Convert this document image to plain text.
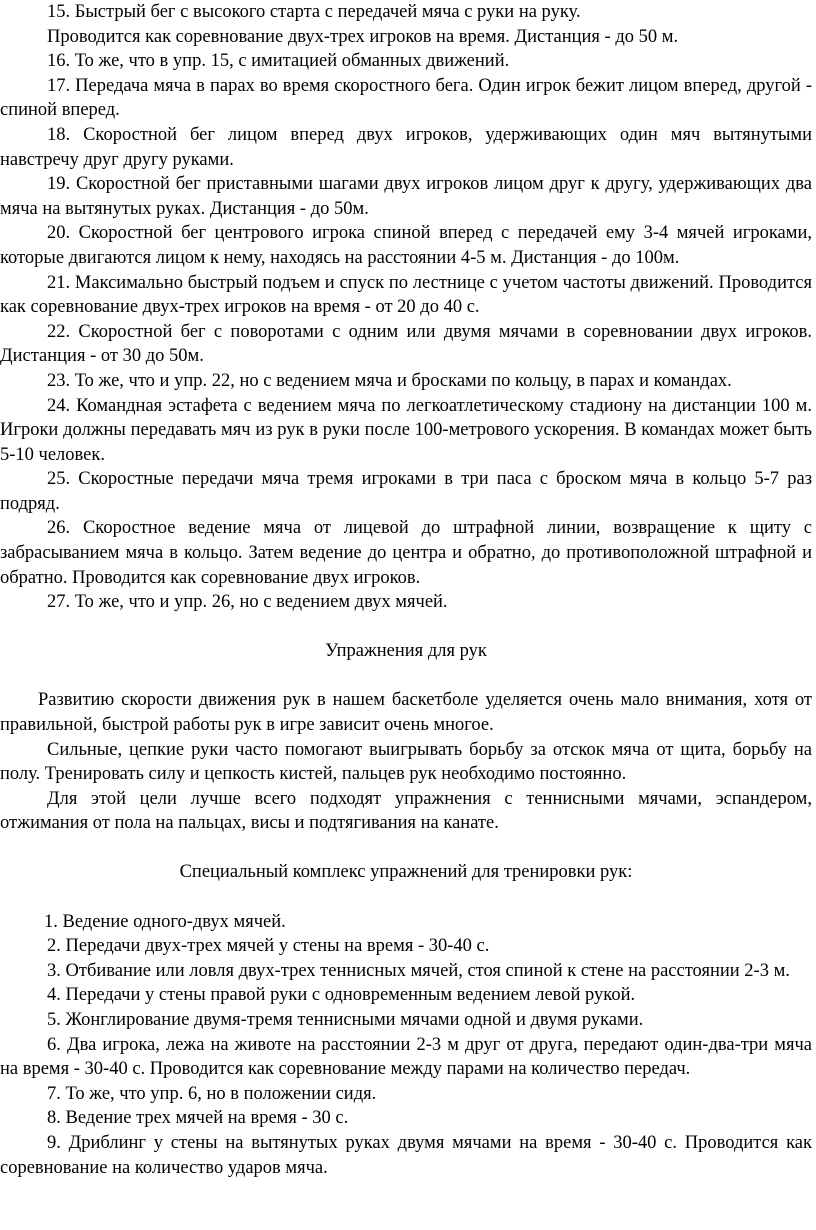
15. Быстрый бег с высокого старта с передачей мяча с руки на руку.

Проводится как соревнование двух-трех игроков на время. Дистанция - до 50 м.

16. То же, что в упр. 15, с имитацией обманных движений.

17. Передача мяча в парах во время скоростного бега. Один игрок бежит лицом вперед, другой - спиной вперед.

18. Скоростной бег лицом вперед двух игроков, удерживающих один мяч вытянутыми навстречу друг другу руками.

19. Скоростной бег приставными шагами двух игроков лицом друг к другу, удерживающих два мяча на вытянутых руках. Дистанция - до 50м.

20. Скоростной бег центрового игрока спиной вперед с передачей ему 3-4 мячей игроками, которые двигаются лицом к нему, находясь на расстоянии 4-5 м. Дистанция - до 100м.

21. Максимально быстрый подъем и спуск по лестнице с учетом частоты движений. Проводится как соревнование двух-трех игроков на время - от 20 до 40 с.

22. Скоростной бег с поворотами с одним или двумя мячами в соревновании двух игроков. Дистанция - от 30 до 50м.

23. То же, что и упр. 22, но с ведением мяча и бросками по кольцу, в парах и командах.

24. Командная эстафета с ведением мяча по легкоатлетическому стадиону на дистанции 100 м. Игроки должны передавать мяч из рук в руки после 100-метрового ускорения. В командах может быть 5-10 человек.

25. Скоростные передачи мяча тремя игроками в три паса с броском мяча в кольцо 5-7 раз подряд.

26. Скоростное ведение мяча от лицевой до штрафной линии, возвращение к щиту с забрасыванием мяча в кольцо. Затем ведение до центра и обратно, до противоположной штрафной и обратно. Проводится как соревнование двух игроков.

27. То же, что и упр. 26, но с ведением двух мячей.

Упражнения для рук

Развитию скорости движения рук в нашем баскетболе уделяется очень мало внимания, хотя от правильной, быстрой работы рук в игре зависит очень многое.

Сильные, цепкие руки часто помогают выигрывать борьбу за отскок мяча от щита, борьбу на полу. Тренировать силу и цепкость кистей, пальцев рук необходимо постоянно.

Для этой цели лучше всего подходят упражнения с теннисными мячами, эспандером, отжимания от пола на пальцах, висы и подтягивания на канате.

Специальный комплекс упражнений для тренировки рук:

1. Ведение одного-двух мячей.

2. Передачи двух-трех мячей у стены на время - 30-40 с.

3. Отбивание или ловля двух-трех теннисных мячей, стоя спиной к стене на расстоянии 2-3 м.

4. Передачи у стены правой руки с одновременным ведением левой рукой.

5. Жонглирование двумя-тремя теннисными мячами одной и двумя руками.

6. Два игрока, лежа на животе на расстоянии 2-3 м друг от друга, передают один-два-три мяча на время - 30-40 с. Проводится как соревнование между парами на количество передач.

7. То же, что упр. 6, но в положении сидя.

8. Ведение трех мячей на время - 30 с.

9. Дриблинг у стены на вытянутых руках двумя мячами на время - 30-40 с. Проводится как соревнование на количество ударов мяча.
